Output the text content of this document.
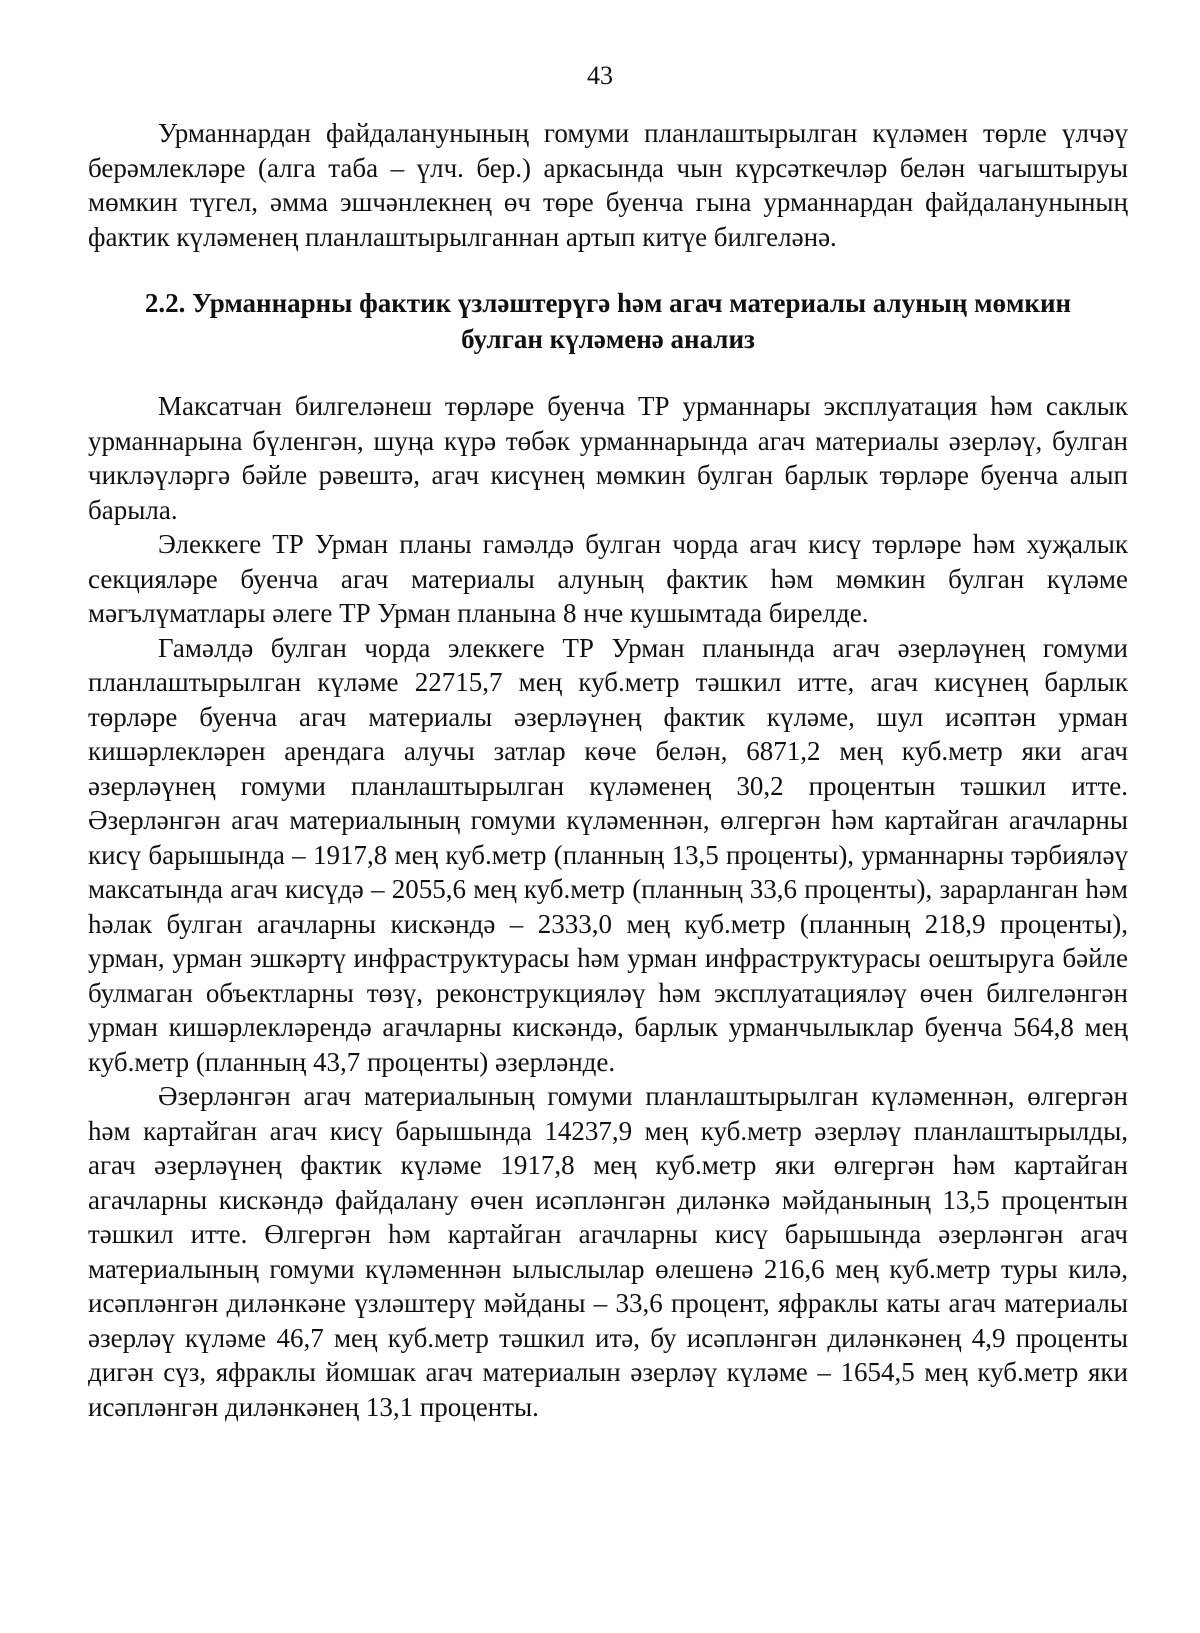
43

Урманнардан файдаланунының гомуми планлаштырылган күләмен төрле үлчәү берәмлекләре (алга таба – үлч. бер.) аркасында чын күрсәткечләр белән чагыштыруы мөмкин түгел, әмма эшчәнлекнең өч төре буенча гына урманнардан файдаланунының фактик күләменең планлаштырылганнан артып китүе билгеләнә.

2.2. Урманнарны фактик үзләштерүгә һәм агач материалы алуның мөмкин
булган күләменә анализ

Максатчан билгеләнеш төрләре буенча ТР урманнары эксплуатация һәм саклык урманнарына бүленгән, шуңа күрә төбәк урманнарында агач материалы әзерләү, булган чикләүләргә бәйле рәвештә, агач кисүнең мөмкин булган барлык төрләре буенча алып барыла.

Элеккеге ТР Урман планы гамәлдә булган чорда агач кисү төрләре һәм хуҗалык секцияләре буенча агач материалы алуның фактик һәм мөмкин булган күләме мәгълүматлары әлеге ТР Урман планына 8 нче кушымтада бирелде.

Гамәлдә булган чорда элеккеге ТР Урман планында агач әзерләүнең гомуми планлаштырылган күләме 22715,7 мең куб.метр тәшкил итте, агач кисүнең барлык төрләре буенча агач материалы әзерләүнең фактик күләме, шул исәптән урман кишәрлекләрен арендага алучы затлар көче белән, 6871,2 мең куб.метр яки агач әзерләүнең гомуми планлаштырылган күләменең 30,2 процентын тәшкил итте. Әзерләнгән агач материалының гомуми күләменнән, өлгергән һәм картайган агачларны кисү барышында – 1917,8 мең куб.метр (планның 13,5 проценты), урманнарны тәрбияләү максатында агач кисүдә – 2055,6 мең куб.метр (планның 33,6 проценты), зарарланган һәм һәлак булган агачларны кискәндә – 2333,0 мең куб.метр (планның 218,9 проценты), урман, урман эшкәртү инфраструктурасы һәм урман инфраструктурасы оештыруга бәйле булмаган объектларны төзү, реконструкцияләү һәм эксплуатацияләү өчен билгеләнгән урман кишәрлекләрендә агачларны кискәндә, барлык урманчылыклар буенча 564,8 мең куб.метр (планның 43,7 проценты) әзерләнде.

Әзерләнгән агач материалының гомуми планлаштырылган күләменнән, өлгергән һәм картайган агач кисү барышында 14237,9 мең куб.метр әзерләү планлаштырылды, агач әзерләүнең фактик күләме 1917,8 мең куб.метр яки өлгергән һәм картайган агачларны кискәндә файдалану өчен исәпләнгән диләнкә мәйданының 13,5 процентын тәшкил итте. Өлгергән һәм картайган агачларны кисү барышында әзерләнгән агач материалының гомуми күләменнән ылыслылар өлешенә 216,6 мең куб.метр туры килә, исәпләнгән диләнкәне үзләштерү мәйданы – 33,6 процент, яфраклы каты агач материалы әзерләү күләме 46,7 мең куб.метр тәшкил итә, бу исәпләнгән диләнкәнең 4,9 проценты дигән сүз, яфраклы йомшак агач материалын әзерләү күләме – 1654,5 мең куб.метр яки исәпләнгән диләнкәнең 13,1 проценты.
